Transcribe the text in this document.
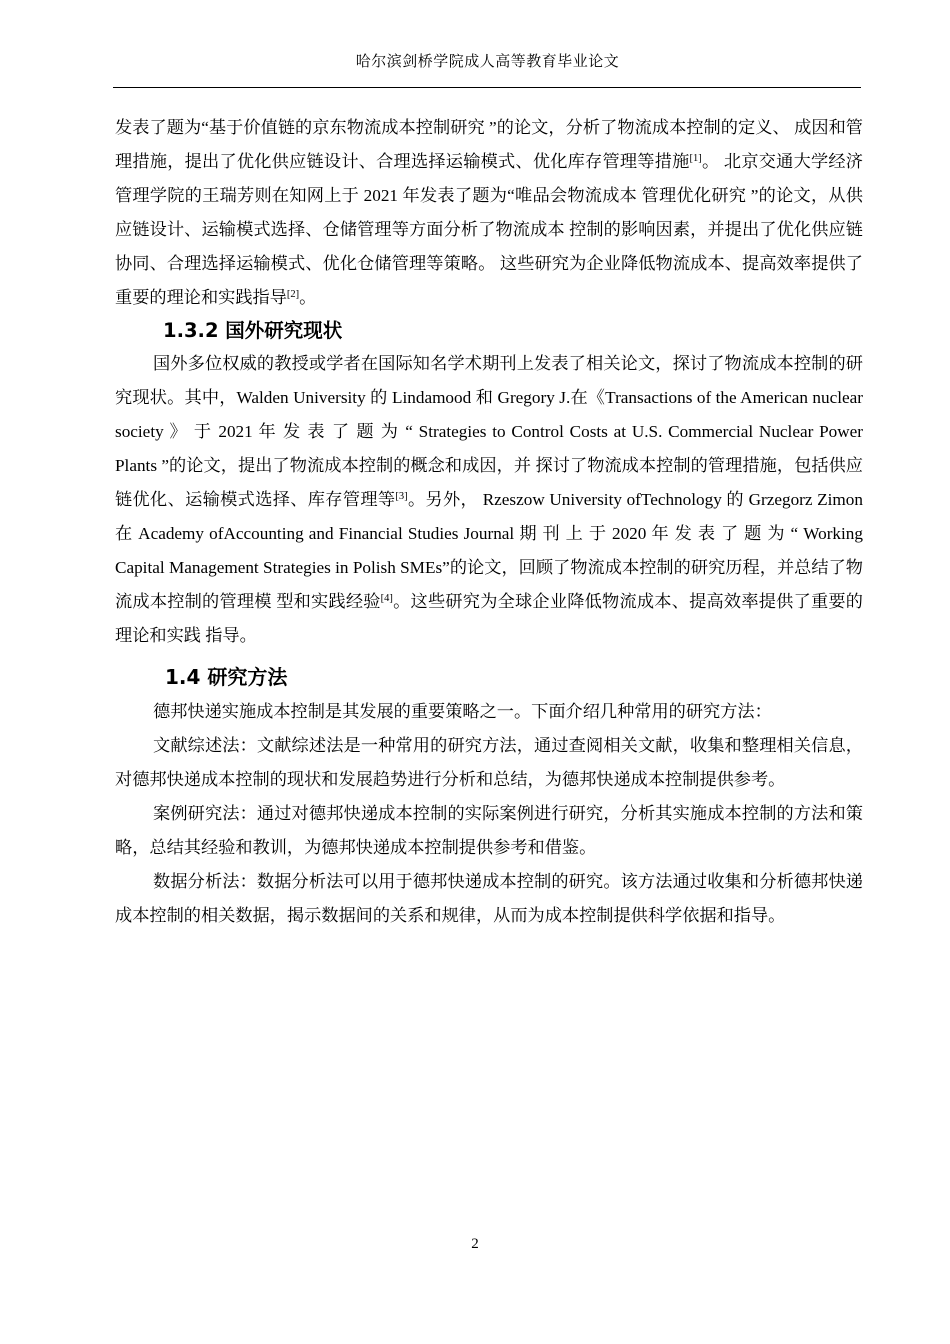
哈尔滨剑桥学院成人高等教育毕业论文

发表了题为“基于价值链的京东物流成本控制研究 ”的论文，分析了物流成本控制的定义、 成因和管理措施，提出了优化供应链设计、合理选择运输模式、优化库存管理等措施[1]。 北京交通大学经济管理学院的王瑞芳则在知网上于 2021 年发表了题为“唯品会物流成本 管理优化研究 ”的论文，从供应链设计、运输模式选择、仓储管理等方面分析了物流成本 控制的影响因素，并提出了优化供应链协同、合理选择运输模式、优化仓储管理等策略。 这些研究为企业降低物流成本、提高效率提供了重要的理论和实践指导[2]。

1.3.2 国外研究现状

国外多位权威的教授或学者在国际知名学术期刊上发表了相关论文，探讨了物流成本控制的研究现状。其中，Walden University 的 Lindamood 和 Gregory J.在《Transactions of the American nuclear society 》 于 2021 年 发 表 了 题 为 “ Strategies to Control Costs at U.S. Commercial Nuclear Power Plants ”的论文，提出了物流成本控制的概念和成因，并 探讨了物流成本控制的管理措施，包括供应链优化、运输模式选择、库存管理等[3]。另外， Rzeszow University ofTechnology 的 Grzegorz Zimon 在 Academy ofAccounting and Financial Studies Journal 期 刊 上 于 2020 年 发 表 了 题 为 “ Working Capital Management Strategies in Polish SMEs”的论文，回顾了物流成本控制的研究历程，并总结了物流成本控制的管理模 型和实践经验[4]。这些研究为全球企业降低物流成本、提高效率提供了重要的理论和实践 指导。

1.4 研究方法

德邦快递实施成本控制是其发展的重要策略之一。下面介绍几种常用的研究方法：

文献综述法：文献综述法是一种常用的研究方法，通过查阅相关文献，收集和整理相关信息，对德邦快递成本控制的现状和发展趋势进行分析和总结，为德邦快递成本控制提供参考。

案例研究法：通过对德邦快递成本控制的实际案例进行研究，分析其实施成本控制的方法和策略，总结其经验和教训，为德邦快递成本控制提供参考和借鉴。

数据分析法：数据分析法可以用于德邦快递成本控制的研究。该方法通过收集和分析德邦快递成本控制的相关数据，揭示数据间的关系和规律，从而为成本控制提供科学依据和指导。

2
